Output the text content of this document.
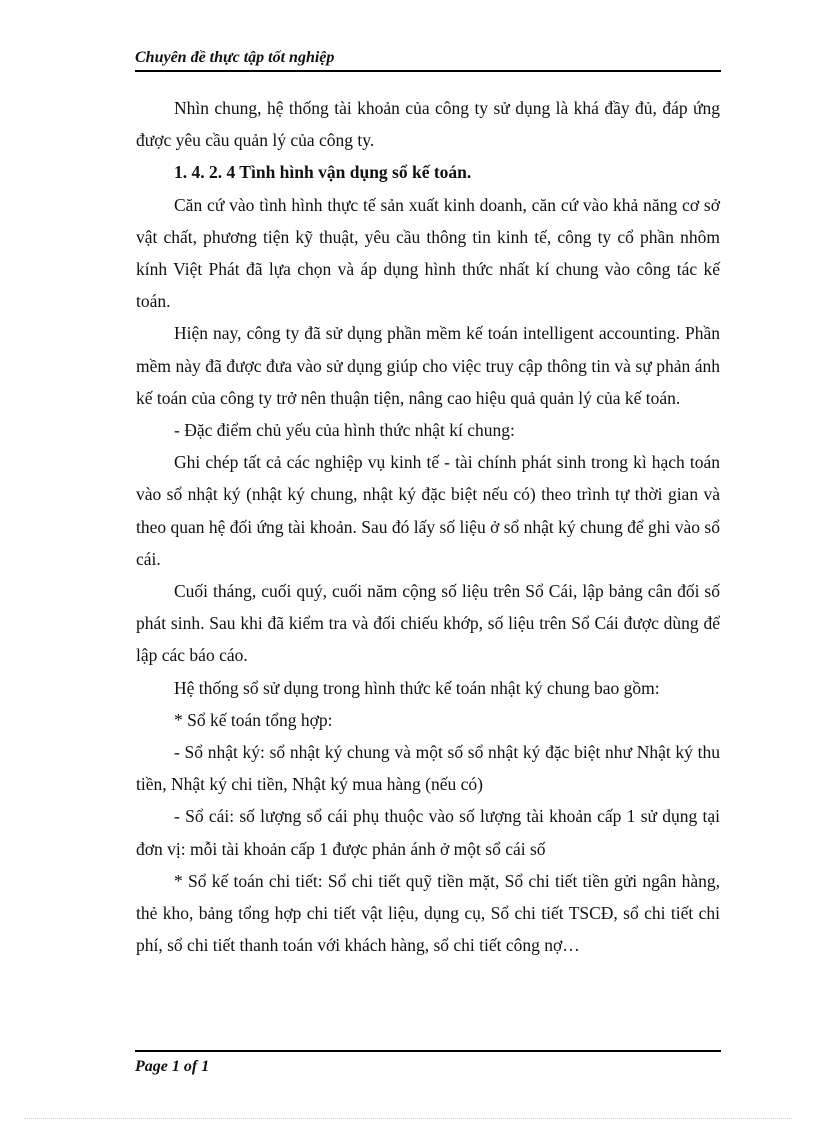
Chuyên đề thực tập tốt nghiệp

Nhìn chung, hệ thống tài khoản của công ty sử dụng là khá đầy đủ, đáp ứng được yêu cầu quản lý của công ty.

1. 4. 2. 4 Tình hình vận dụng sổ kế toán.

Căn cứ vào tình hình thực tế sản xuất kinh doanh, căn cứ vào khả năng cơ sở vật chất, phương tiện kỹ thuật, yêu cầu thông tin kinh tế, công ty cổ phần nhôm kính Việt Phát đã lựa chọn và áp dụng hình thức nhất kí chung vào công tác kế toán.

Hiện nay, công ty đã sử dụng phần mềm kế toán intelligent accounting. Phần mềm này đã được đưa vào sử dụng giúp cho việc truy cập thông tin và sự phản ánh kế toán của công ty trở nên thuận tiện, nâng cao hiệu quả quản lý của kế toán.

- Đặc điểm chủ yếu của hình thức nhật kí chung:

Ghi chép tất cả các nghiệp vụ kinh tế - tài chính phát sinh trong kì hạch toán vào sổ nhật ký (nhật ký chung, nhật ký đặc biệt nếu có) theo trình tự thời gian và theo quan hệ đối ứng tài khoản. Sau đó lấy số liệu ở sổ nhật ký chung để ghi vào sổ cái.

Cuối tháng, cuối quý, cuối năm cộng số liệu trên Sổ Cái, lập bảng cân đối số phát sinh. Sau khi đã kiểm tra và đối chiếu khớp, số liệu trên Sổ Cái được dùng để lập các báo cáo.

Hệ thống sổ sử dụng trong hình thức kế toán nhật ký chung bao gồm:

* Sổ kế toán tổng hợp:

- Sổ nhật ký: sổ nhật ký chung và một số sổ nhật ký đặc biệt như Nhật ký thu tiền, Nhật ký chi tiền, Nhật ký mua hàng (nếu có)

- Sổ cái: số lượng sổ cái phụ thuộc vào số lượng tài khoản cấp 1 sử dụng tại đơn vị: mỗi tài khoản cấp 1 được phản ánh ở một sổ cái số

* Sổ kế toán chi tiết: Sổ chi tiết quỹ tiền mặt, Sổ chi tiết tiền gửi ngân hàng, thẻ kho, bảng tổng hợp chi tiết vật liệu, dụng cụ, Sổ chi tiết TSCĐ, sổ chi tiết chi phí, sổ chi tiết thanh toán với khách hàng, sổ chi tiết công nợ…

Page 1 of 1
